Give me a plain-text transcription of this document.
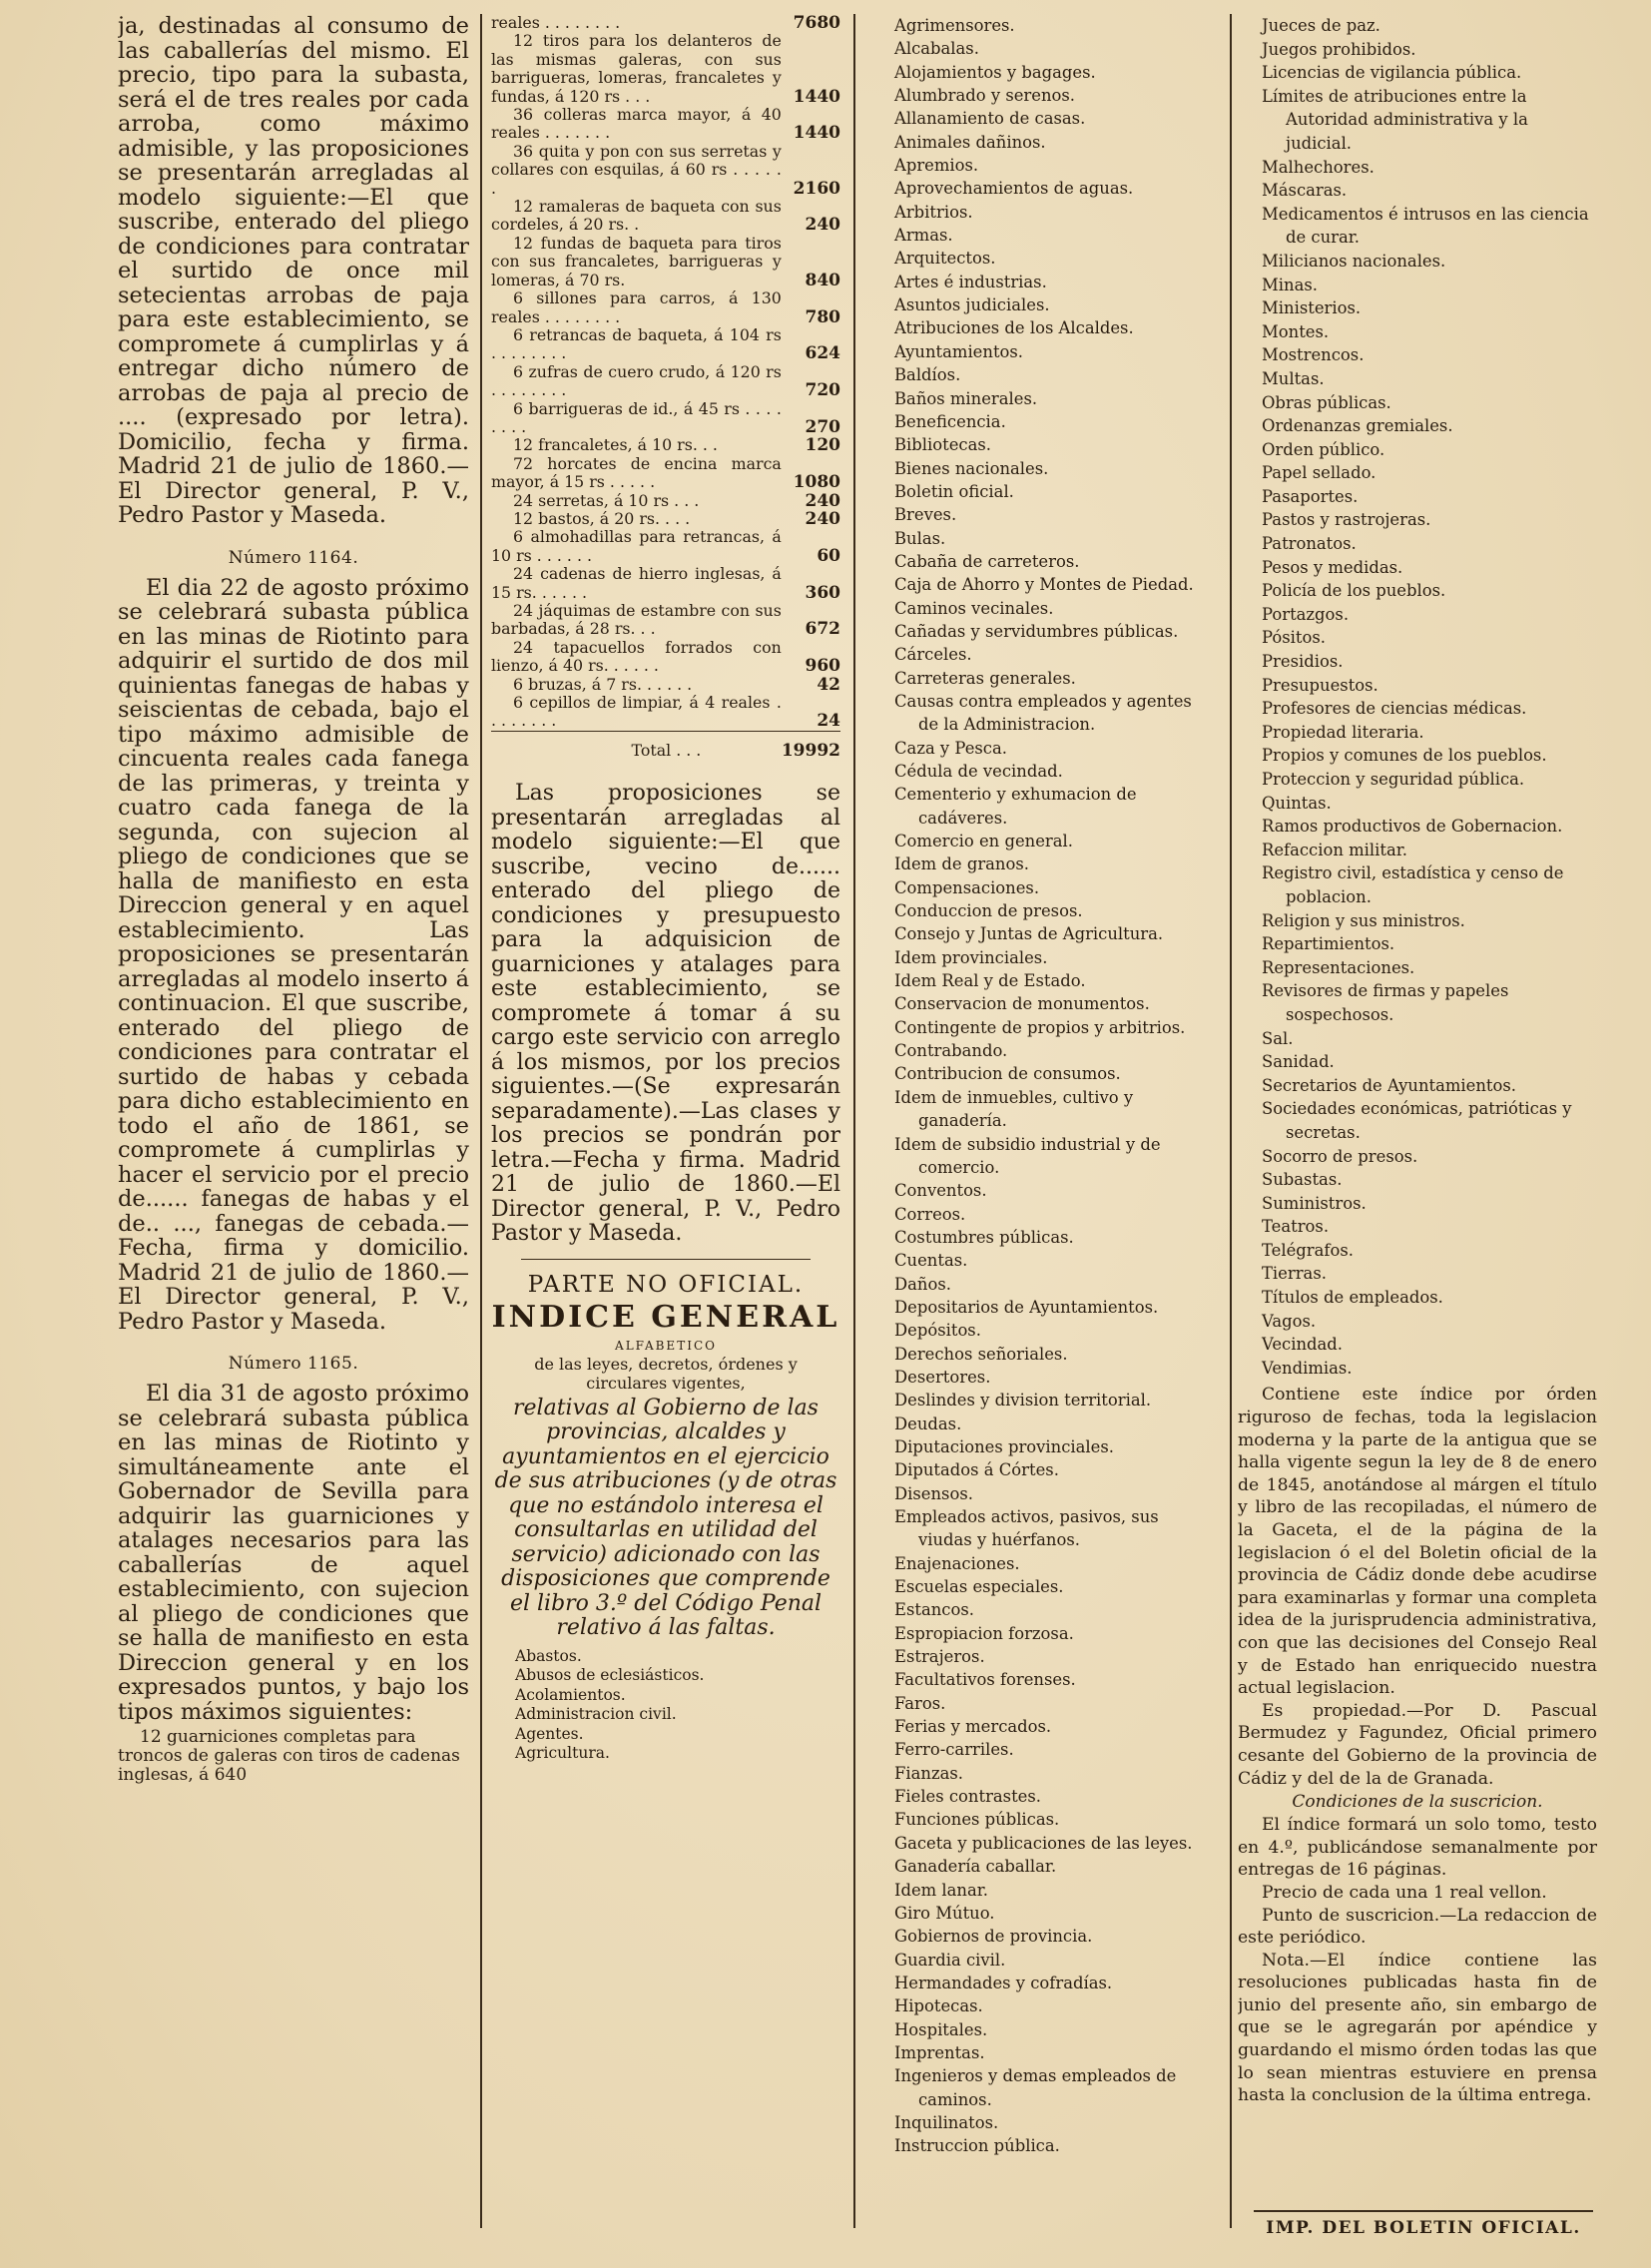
ja, destinadas al consumo de las caballerías del mismo. El precio, tipo para la subasta, será el de tres reales por cada arroba, como máximo admisible, y las proposiciones se presentarán arregladas al modelo siguiente:—El que suscribe, enterado del pliego de condiciones para contratar el surtido de once mil setecientas arrobas de paja para este establecimiento, se compromete á cumplirlas y á entregar dicho número de arrobas de paja al precio de .... (expresado por letra). Domicilio, fecha y firma. Madrid 21 de julio de 1860.—El Director general, P. V., Pedro Pastor y Maseda.

Número 1164.

El dia 22 de agosto próximo se celebrará subasta pública en las minas de Riotinto para adquirir el surtido de dos mil quinientas fanegas de habas y seiscientas de cebada, bajo el tipo máximo admisible de cincuenta reales cada fanega de las primeras, y treinta y cuatro cada fanega de la segunda, con sujecion al pliego de condiciones que se halla de manifiesto en esta Direccion general y en aquel establecimiento. Las proposiciones se presentarán arregladas al modelo inserto á continuacion. El que suscribe, enterado del pliego de condiciones para contratar el surtido de habas y cebada para dicho establecimiento en todo el año de 1861, se compromete á cumplirlas y hacer el servicio por el precio de...... fanegas de habas y el de.. ..., fanegas de cebada.—Fecha, firma y domicilio. Madrid 21 de julio de 1860.—El Director general, P. V., Pedro Pastor y Maseda.

Número 1165.

El dia 31 de agosto próximo se celebrará subasta pública en las minas de Riotinto y simultáneamente ante el Gobernador de Sevilla para adquirir las guarniciones y atalages necesarios para las caballerías de aquel establecimiento, con sujecion al pliego de condiciones que se halla de manifiesto en esta Direccion general y en los expresados puntos, y bajo los tipos máximos siguientes:

12 guarniciones completas para troncos de galeras con tiros de cadenas inglesas, á 640

reales . . . . . . . .	7680
12 tiros para los delanteros de las mismas galeras, con sus barrigueras, lomeras, francaletes y fundas, á 120 rs . . .	1440
36 colleras marca mayor, á 40 reales . . . . . . .	1440
36 quita y pon con sus serretas y collares con esquilas, á 60 rs . . . . . .	2160
12 ramaleras de baqueta con sus cordeles, á 20 rs. .	240
12 fundas de baqueta para tiros con sus francaletes, barrigueras y lomeras, á 70 rs.	840
6 sillones para carros, á 130 reales . . . . . . . .	780
6 retrancas de baqueta, á 104 rs . . . . . . . .	624
6 zufras de cuero crudo, á 120 rs . . . . . . . .	720
6 barrigueras de id., á 45 rs . . . . . . . .	270
12 francaletes, á 10 rs. . .	120
72 horcates de encina marca mayor, á 15 rs . . . . .	1080
24 serretas, á 10 rs . . .	240
12 bastos, á 20 rs. . . .	240
6 almohadillas para retrancas, á 10 rs . . . . . .	60
24 cadenas de hierro inglesas, á 15 rs. . . . . .	360
24 jáquimas de estambre con sus barbadas, á 28 rs. . .	672
24 tapacuellos forrados con lienzo, á 40 rs. . . . . .	960
6 bruzas, á 7 rs. . . . . .	42
6 cepillos de limpiar, á 4 reales . . . . . . . .	24
Total . . .	19992

Las proposiciones se presentarán arregladas al modelo siguiente:—El que suscribe, vecino de...... enterado del pliego de condiciones y presupuesto para la adquisicion de guarniciones y atalages para este establecimiento, se compromete á tomar á su cargo este servicio con arreglo á los mismos, por los precios siguientes.—(Se expresarán separadamente).—Las clases y los precios se pondrán por letra.—Fecha y firma. Madrid 21 de julio de 1860.—El Director general, P. V., Pedro Pastor y Maseda.

PARTE NO OFICIAL.
INDICE GENERAL
ALFABETICO
de las leyes, decretos, órdenes y circulares vigentes,
relativas al Gobierno de las provincias, alcaldes y ayuntamientos en el ejercicio de sus atribuciones (y de otras que no estándolo interesa el consultarlas en utilidad del servicio) adicionado con las disposiciones que comprende el libro 3.º del Código Penal relativo á las faltas.
Abastos.
Abusos de eclesiásticos.
Acolamientos.
Administracion civil.
Agentes.
Agricultura.
Agrimensores.
Alcabalas.
Alojamientos y bagages.
Alumbrado y serenos.
Allanamiento de casas.
Animales dañinos.
Apremios.
Aprovechamientos de aguas.
Arbitrios.
Armas.
Arquitectos.
Artes é industrias.
Asuntos judiciales.
Atribuciones de los Alcaldes.
Ayuntamientos.
Baldíos.
Baños minerales.
Beneficencia.
Bibliotecas.
Bienes nacionales.
Boletin oficial.
Breves.
Bulas.
Cabaña de carreteros.
Caja de Ahorro y Montes de Piedad.
Caminos vecinales.
Cañadas y servidumbres públicas.
Cárceles.
Carreteras generales.
Causas contra empleados y agentes de la Administracion.
Caza y Pesca.
Cédula de vecindad.
Cementerio y exhumacion de cadáveres.
Comercio en general.
Idem de granos.
Compensaciones.
Conduccion de presos.
Consejo y Juntas de Agricultura.
Idem provinciales.
Idem Real y de Estado.
Conservacion de monumentos.
Contingente de propios y arbitrios.
Contrabando.
Contribucion de consumos.
Idem de inmuebles, cultivo y ganadería.
Idem de subsidio industrial y de comercio.
Conventos.
Correos.
Costumbres públicas.
Cuentas.
Daños.
Depositarios de Ayuntamientos.
Depósitos.
Derechos señoriales.
Desertores.
Deslindes y division territorial.
Deudas.
Diputaciones provinciales.
Diputados á Córtes.
Disensos.
Empleados activos, pasivos, sus viudas y huérfanos.
Enajenaciones.
Escuelas especiales.
Estancos.
Espropiacion forzosa.
Estrajeros.
Facultativos forenses.
Faros.
Ferias y mercados.
Ferro-carriles.
Fianzas.
Fieles contrastes.
Funciones públicas.
Gaceta y publicaciones de las leyes.
Ganadería caballar.
Idem lanar.
Giro Mútuo.
Gobiernos de provincia.
Guardia civil.
Hermandades y cofradías.
Hipotecas.
Hospitales.
Imprentas.
Ingenieros y demas empleados de caminos.
Inquilinatos.
Instruccion pública.
Jueces de paz.
Juegos prohibidos.
Licencias de vigilancia pública.
Límites de atribuciones entre la Autoridad administrativa y la judicial.
Malhechores.
Máscaras.
Medicamentos é intrusos en las ciencia de curar.
Milicianos nacionales.
Minas.
Ministerios.
Montes.
Mostrencos.
Multas.
Obras públicas.
Ordenanzas gremiales.
Orden público.
Papel sellado.
Pasaportes.
Pastos y rastrojeras.
Patronatos.
Pesos y medidas.
Policía de los pueblos.
Portazgos.
Pósitos.
Presidios.
Presupuestos.
Profesores de ciencias médicas.
Propiedad literaria.
Propios y comunes de los pueblos.
Proteccion y seguridad pública.
Quintas.
Ramos productivos de Gobernacion.
Refaccion militar.
Registro civil, estadística y censo de poblacion.
Religion y sus ministros.
Repartimientos.
Representaciones.
Revisores de firmas y papeles sospechosos.
Sal.
Sanidad.
Secretarios de Ayuntamientos.
Sociedades económicas, patrióticas y secretas.
Socorro de presos.
Subastas.
Suministros.
Teatros.
Telégrafos.
Tierras.
Títulos de empleados.
Vagos.
Vecindad.
Vendimias.

Contiene este índice por órden riguroso de fechas, toda la legislacion moderna y la parte de la antigua que se halla vigente segun la ley de 8 de enero de 1845, anotándose al márgen el título y libro de las recopiladas, el número de la Gaceta, el de la página de la legislacion ó el del Boletin oficial de la provincia de Cádiz donde debe acudirse para examinarlas y formar una completa idea de la jurisprudencia administrativa, con que las decisiones del Consejo Real y de Estado han enriquecido nuestra actual legislacion.

Es propiedad.—Por D. Pascual Bermudez y Fagundez, Oficial primero cesante del Gobierno de la provincia de Cádiz y del de la de Granada.

Condiciones de la suscricion.

El índice formará un solo tomo, testo en 4.º, publicándose semanalmente por entregas de 16 páginas.

Precio de cada una 1 real vellon.

Punto de suscricion.—La redaccion de este periódico.

Nota.—El índice contiene las resoluciones publicadas hasta fin de junio del presente año, sin embargo de que se le agregarán por apéndice y guardando el mismo órden todas las que lo sean mientras estuviere en prensa hasta la conclusion de la última entrega.

IMP. DEL BOLETIN OFICIAL.
